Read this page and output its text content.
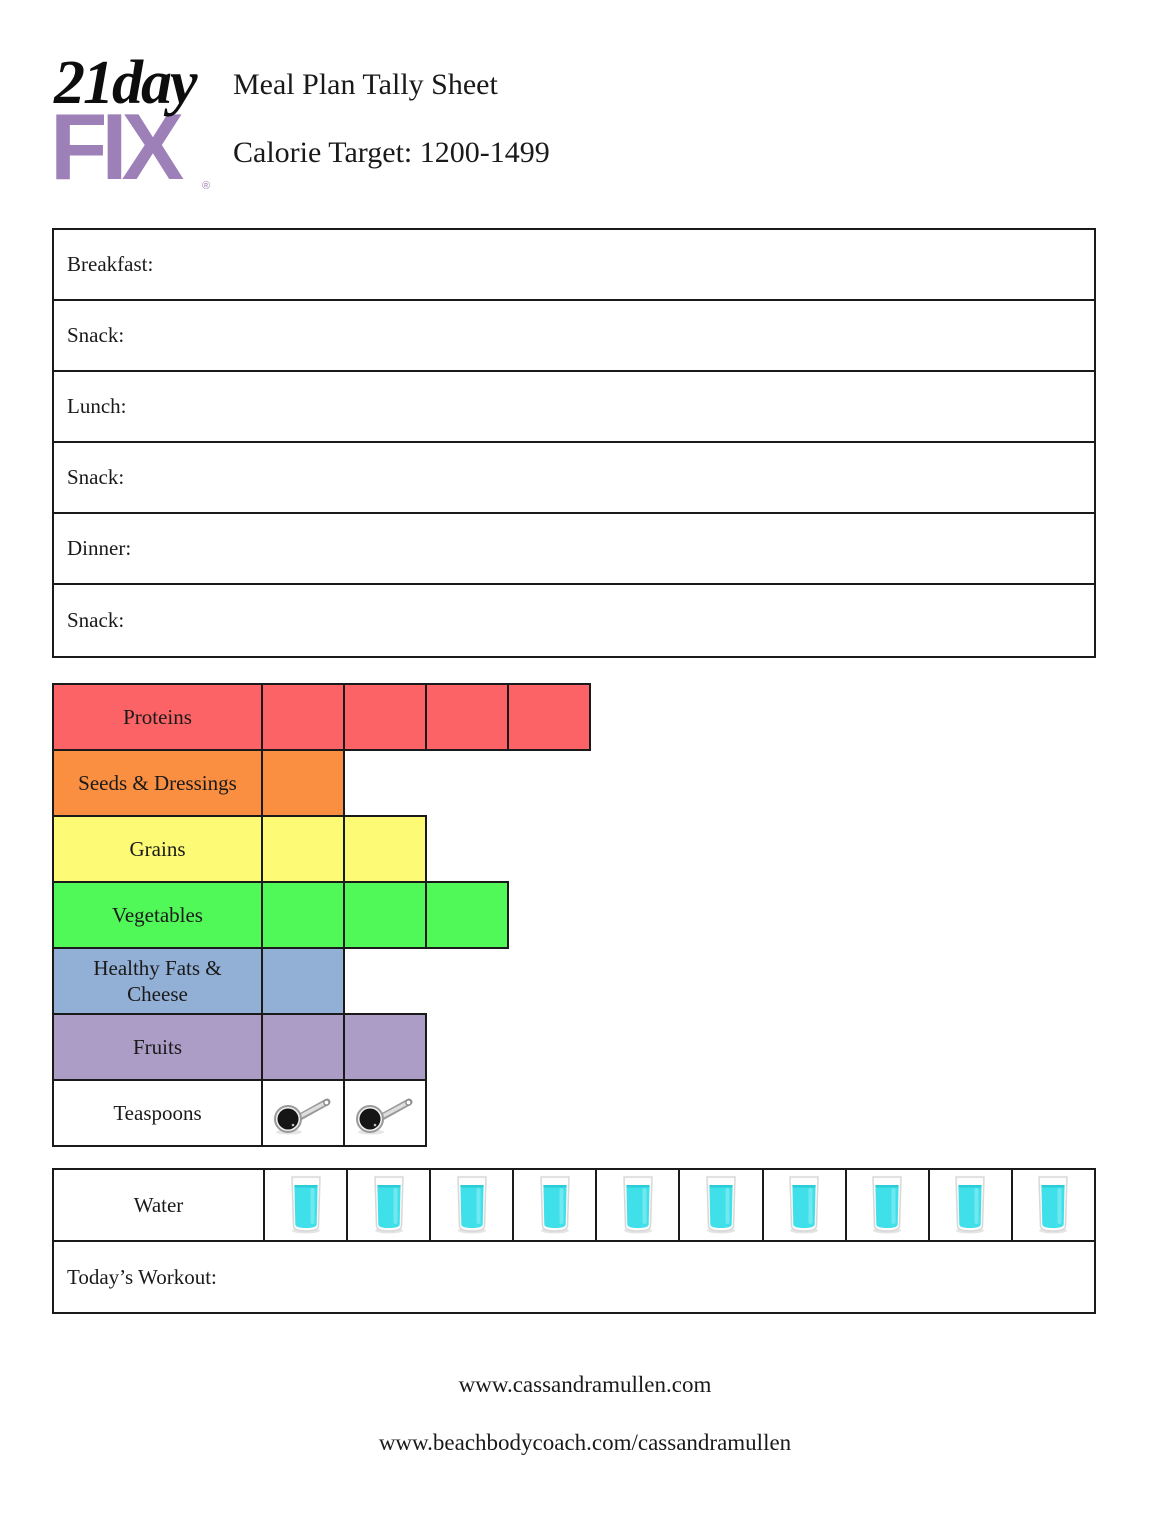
21day
FIX ®
Meal Plan Tally Sheet
Calorie Target: 1200-1499
Breakfast:
Snack:
Lunch:
Snack:
Dinner:
Snack:
Proteins
Seeds & Dressings
Grains
Vegetables
Healthy Fats & Cheese
Fruits
Teaspoons
Water
Today’s Workout:
www.cassandramullen.com
www.beachbodycoach.com/cassandramullen
